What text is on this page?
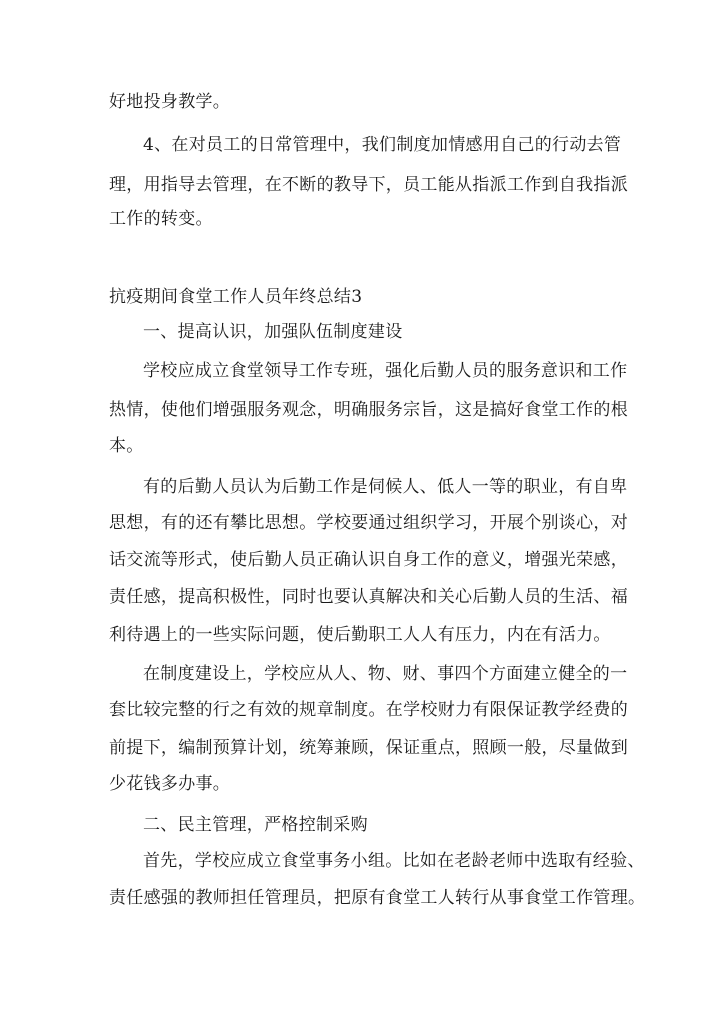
好地投身教学。
4、在对员工的日常管理中，我们制度加情感用自己的行动去管
理，用指导去管理，在不断的教导下，员工能从指派工作到自我指派
工作的转变。
抗疫期间食堂工作人员年终总结3
一、提高认识，加强队伍制度建设
学校应成立食堂领导工作专班，强化后勤人员的服务意识和工作
热情，使他们增强服务观念，明确服务宗旨，这是搞好食堂工作的根
本。
有的后勤人员认为后勤工作是伺候人、低人一等的职业，有自卑
思想，有的还有攀比思想。学校要通过组织学习，开展个别谈心，对
话交流等形式，使后勤人员正确认识自身工作的意义，增强光荣感，
责任感，提高积极性，同时也要认真解决和关心后勤人员的生活、福
利待遇上的一些实际问题，使后勤职工人人有压力，内在有活力。
在制度建设上，学校应从人、物、财、事四个方面建立健全的一
套比较完整的行之有效的规章制度。在学校财力有限保证教学经费的
前提下，编制预算计划，统筹兼顾，保证重点，照顾一般，尽量做到
少花钱多办事。
二、民主管理，严格控制采购
首先，学校应成立食堂事务小组。比如在老龄老师中选取有经验、
责任感强的教师担任管理员，把原有食堂工人转行从事食堂工作管理。
